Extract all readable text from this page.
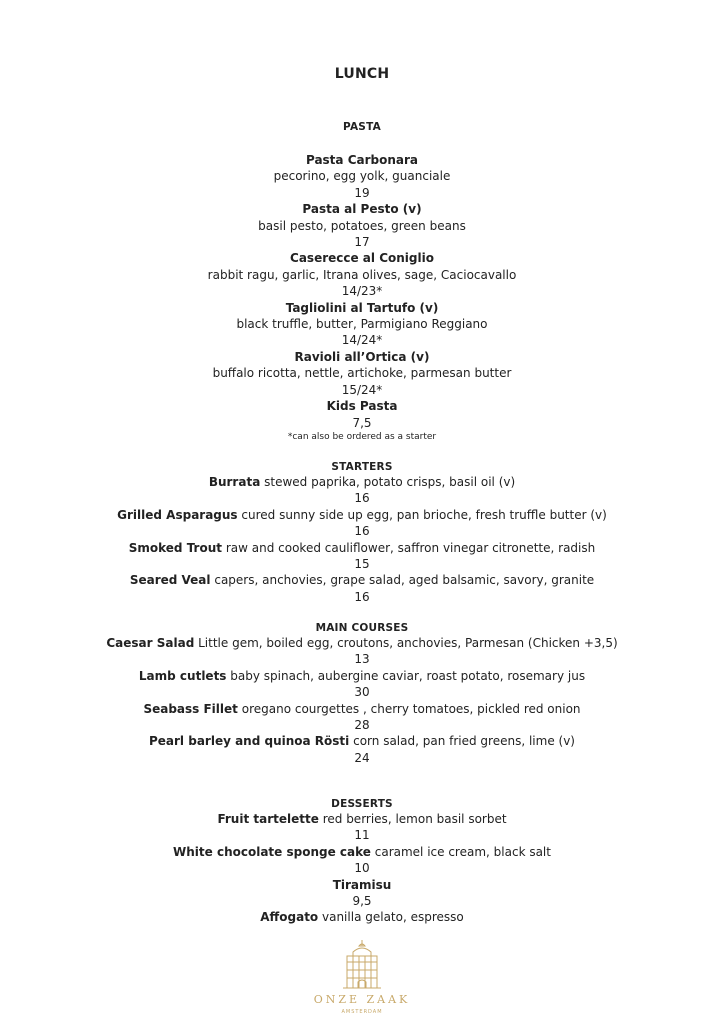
LUNCH
PASTA
Pasta Carbonara
pecorino, egg yolk, guanciale
19
Pasta al Pesto (v)
basil pesto, potatoes, green beans
17
Caserecce al Coniglio
rabbit ragu, garlic, Itrana olives, sage, Caciocavallo
14/23*
Tagliolini al Tartufo (v)
black truffle, butter, Parmigiano Reggiano
14/24*
Ravioli all’Ortica (v)
buffalo ricotta, nettle, artichoke, parmesan butter
15/24*
Kids Pasta
7,5
*can also be ordered as a starter
STARTERS
Burrata stewed paprika, potato crisps, basil oil (v)
16
Grilled Asparagus cured sunny side up egg, pan brioche, fresh truffle butter (v)
16
Smoked Trout raw and cooked cauliflower, saffron vinegar citronette, radish
15
Seared Veal capers, anchovies, grape salad, aged balsamic, savory, granite
16
MAIN COURSES
Caesar Salad Little gem, boiled egg, croutons, anchovies, Parmesan (Chicken +3,5)
13
Lamb cutlets baby spinach, aubergine caviar, roast potato, rosemary jus
30
Seabass Fillet oregano courgettes , cherry tomatoes, pickled red onion
28
Pearl barley and quinoa Rösti corn salad, pan fried greens, lime (v)
24
DESSERTS
Fruit tartelette red berries, lemon basil sorbet
11
White chocolate sponge cake caramel ice cream, black salt
10
Tiramisu
9,5
Affogato vanilla gelato, espresso
ONZE ZAAK
AMSTERDAM
